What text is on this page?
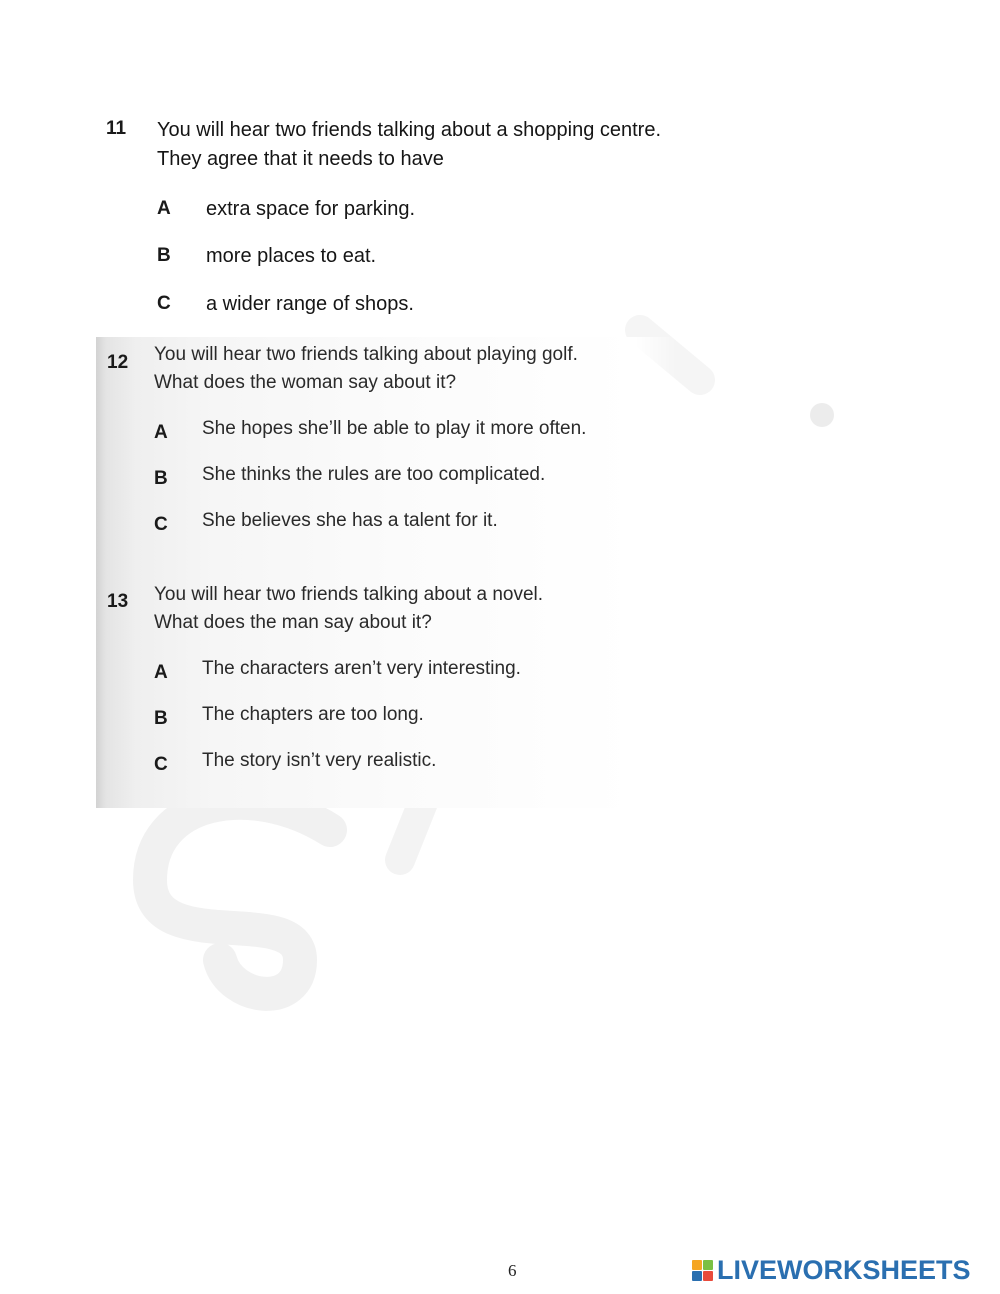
11 You will hear two friends talking about a shopping centre.
They agree that it needs to have
A extra space for parking.
B more places to eat.
C a wider range of shops.
12 You will hear two friends talking about playing golf.
What does the woman say about it?
A She hopes she’ll be able to play it more often.
B She thinks the rules are too complicated.
C She believes she has a talent for it.
13 You will hear two friends talking about a novel.
What does the man say about it?
A The characters aren’t very interesting.
B The chapters are too long.
C The story isn’t very realistic.
6	LIVEWORKSHEETS
